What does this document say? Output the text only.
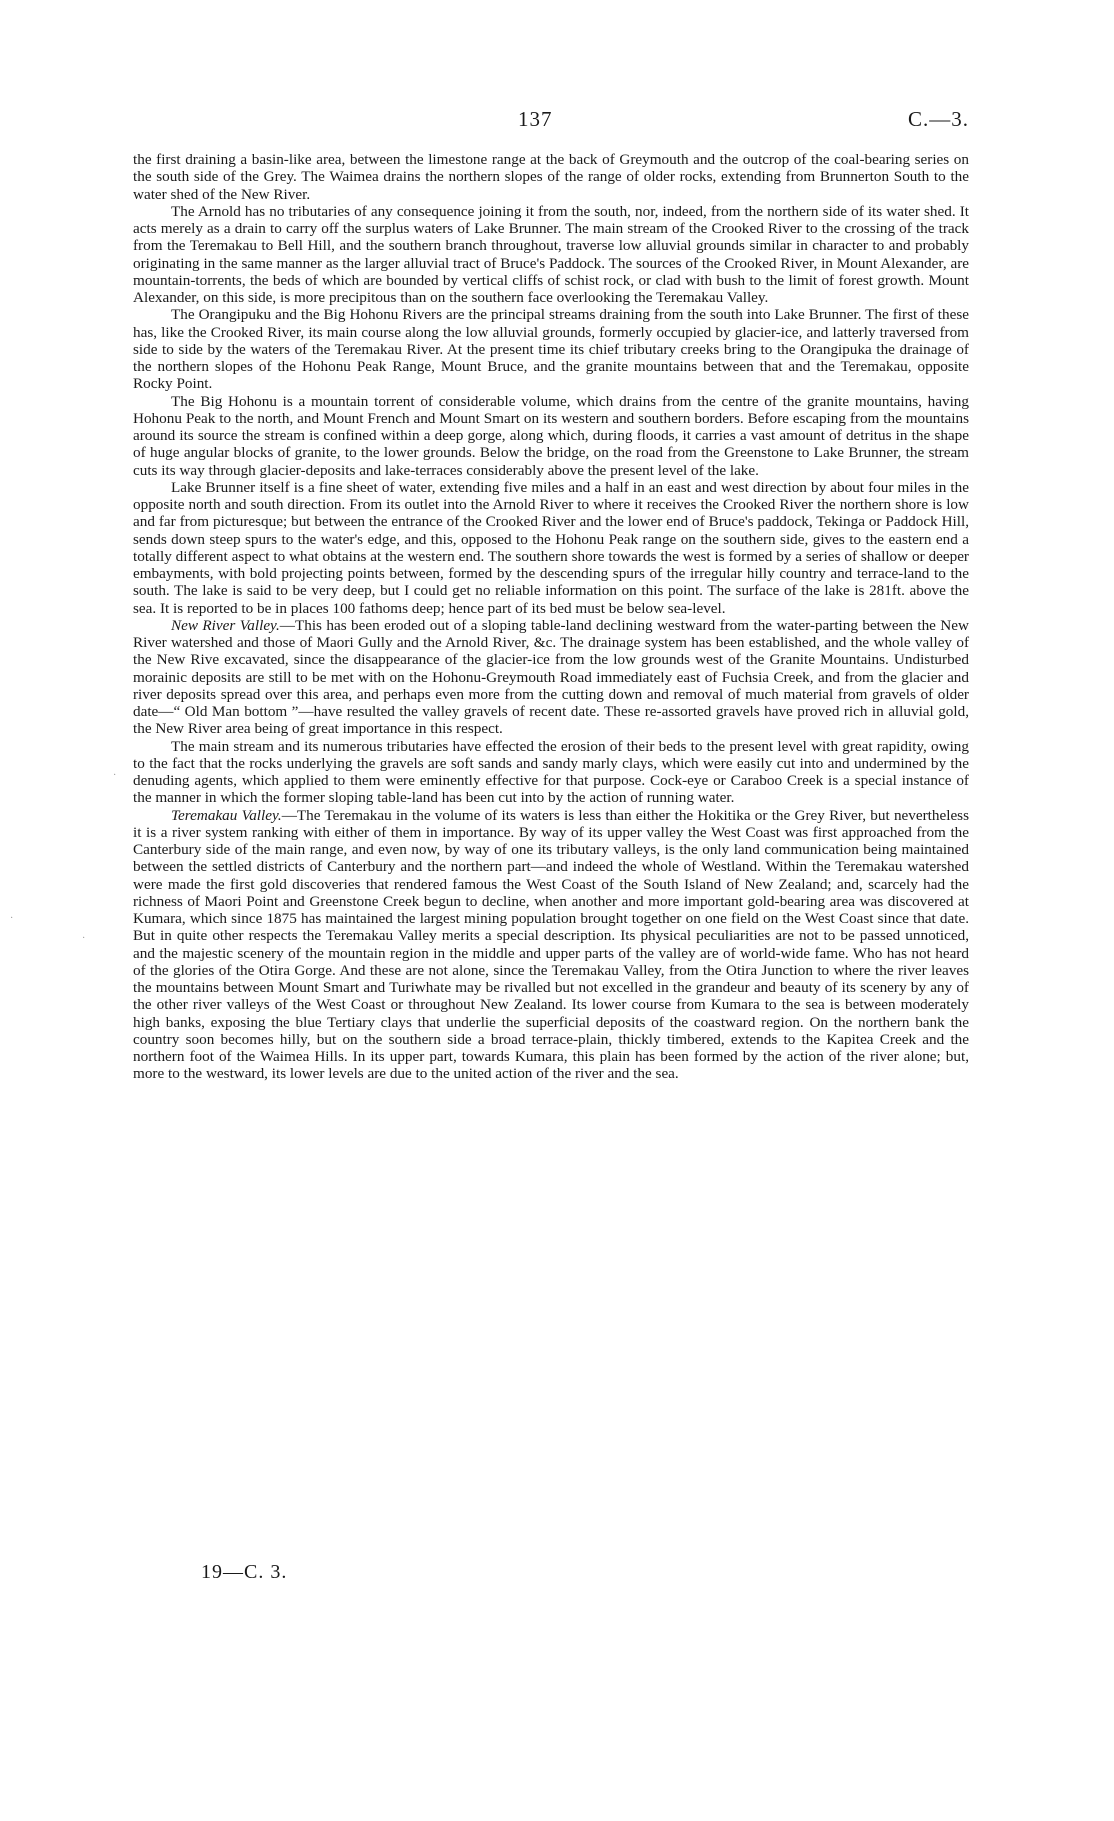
137	C.—3.

the first draining a basin-like area, between the limestone range at the back of Greymouth and the outcrop of the coal-bearing series on the south side of the Grey. The Waimea drains the northern slopes of the range of older rocks, extending from Brunnerton South to the water shed of the New River.

The Arnold has no tributaries of any consequence joining it from the south, nor, indeed, from the northern side of its water shed. It acts merely as a drain to carry off the surplus waters of Lake Brunner. The main stream of the Crooked River to the crossing of the track from the Teremakau to Bell Hill, and the southern branch throughout, traverse low alluvial grounds similar in character to and probably originating in the same manner as the larger alluvial tract of Bruce's Paddock. The sources of the Crooked River, in Mount Alexander, are mountain-torrents, the beds of which are bounded by vertical cliffs of schist rock, or clad with bush to the limit of forest growth. Mount Alexander, on this side, is more precipitous than on the southern face overlooking the Teremakau Valley.

The Orangipuku and the Big Hohonu Rivers are the principal streams draining from the south into Lake Brunner. The first of these has, like the Crooked River, its main course along the low alluvial grounds, formerly occupied by glacier-ice, and latterly traversed from side to side by the waters of the Teremakau River. At the present time its chief tributary creeks bring to the Orangipuka the drainage of the northern slopes of the Hohonu Peak Range, Mount Bruce, and the granite mountains between that and the Teremakau, opposite Rocky Point.

The Big Hohonu is a mountain torrent of considerable volume, which drains from the centre of the granite mountains, having Hohonu Peak to the north, and Mount French and Mount Smart on its western and southern borders. Before escaping from the mountains around its source the stream is confined within a deep gorge, along which, during floods, it carries a vast amount of detritus in the shape of huge angular blocks of granite, to the lower grounds. Below the bridge, on the road from the Greenstone to Lake Brunner, the stream cuts its way through glacier-deposits and lake-terraces considerably above the present level of the lake.

Lake Brunner itself is a fine sheet of water, extending five miles and a half in an east and west direction by about four miles in the opposite north and south direction. From its outlet into the Arnold River to where it receives the Crooked River the northern shore is low and far from picturesque; but between the entrance of the Crooked River and the lower end of Bruce's paddock, Tekinga or Paddock Hill, sends down steep spurs to the water's edge, and this, opposed to the Hohonu Peak range on the southern side, gives to the eastern end a totally different aspect to what obtains at the western end. The southern shore towards the west is formed by a series of shallow or deeper embayments, with bold projecting points between, formed by the descending spurs of the irregular hilly country and terrace-land to the south. The lake is said to be very deep, but I could get no reliable information on this point. The surface of the lake is 281ft. above the sea. It is reported to be in places 100 fathoms deep; hence part of its bed must be below sea-level.

New River Valley.—This has been eroded out of a sloping table-land declining westward from the water-parting between the New River watershed and those of Maori Gully and the Arnold River, &c. The drainage system has been established, and the whole valley of the New Rive excavated, since the disappearance of the glacier-ice from the low grounds west of the Granite Mountains. Undisturbed morainic deposits are still to be met with on the Hohonu-Greymouth Road immediately east of Fuchsia Creek, and from the glacier and river deposits spread over this area, and perhaps even more from the cutting down and removal of much material from gravels of older date—“ Old Man bottom ”—have resulted the valley gravels of recent date. These re-assorted gravels have proved rich in alluvial gold, the New River area being of great importance in this respect.

The main stream and its numerous tributaries have effected the erosion of their beds to the present level with great rapidity, owing to the fact that the rocks underlying the gravels are soft sands and sandy marly clays, which were easily cut into and undermined by the denuding agents, which applied to them were eminently effective for that purpose. Cock-eye or Caraboo Creek is a special instance of the manner in which the former sloping table-land has been cut into by the action of running water.

Teremakau Valley.—The Teremakau in the volume of its waters is less than either the Hokitika or the Grey River, but nevertheless it is a river system ranking with either of them in importance. By way of its upper valley the West Coast was first approached from the Canterbury side of the main range, and even now, by way of one its tributary valleys, is the only land communication being maintained between the settled districts of Canterbury and the northern part—and indeed the whole of Westland. Within the Teremakau watershed were made the first gold discoveries that rendered famous the West Coast of the South Island of New Zealand; and, scarcely had the richness of Maori Point and Greenstone Creek begun to decline, when another and more important gold-bearing area was discovered at Kumara, which since 1875 has maintained the largest mining population brought together on one field on the West Coast since that date. But in quite other respects the Teremakau Valley merits a special description. Its physical peculiarities are not to be passed unnoticed, and the majestic scenery of the mountain region in the middle and upper parts of the valley are of world-wide fame. Who has not heard of the glories of the Otira Gorge. And these are not alone, since the Teremakau Valley, from the Otira Junction to where the river leaves the mountains between Mount Smart and Turiwhate may be rivalled but not excelled in the grandeur and beauty of its scenery by any of the other river valleys of the West Coast or throughout New Zealand. Its lower course from Kumara to the sea is between moderately high banks, exposing the blue Tertiary clays that underlie the superficial deposits of the coastward region. On the northern bank the country soon becomes hilly, but on the southern side a broad terrace-plain, thickly timbered, extends to the Kapitea Creek and the northern foot of the Waimea Hills. In its upper part, towards Kumara, this plain has been formed by the action of the river alone; but, more to the westward, its lower levels are due to the united action of the river and the sea.

·
·
·
19—C. 3.
